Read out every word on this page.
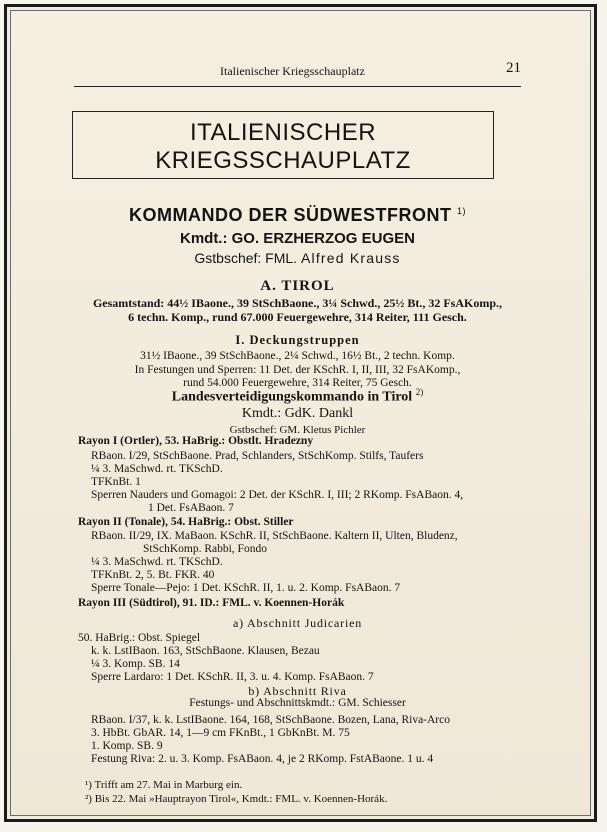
Italienischer Kriegsschauplatz	21
ITALIENISCHER
KRIEGSSCHAUPLATZ
KOMMANDO DER SÜDWESTFRONT $^{1)}$
Kmdt.: GO. ERZHERZOG EUGEN
Gstbschef: FML. Alfred Krauss
A. TIROL
Gesamtstand: 44½ IBaone., 39 StSchBaone., 3¼ Schwd., 25½ Bt., 32 FsAKomp.,
6 techn. Komp., rund 67.000 Feuergewehre, 314 Reiter, 111 Gesch.
I. Deckungstruppen
31½ IBaone., 39 StSchBaone., 2¼ Schwd., 16½ Bt., 2 techn. Komp.
In Festungen und Sperren: 11 Det. der KSchR. I, II, III, 32 FsAKomp.,
rund 54.000 Feuergewehre, 314 Reiter, 75 Gesch.
Landesverteidigungskommando in Tirol $^{2)}$
Kmdt.: GdK. Dankl
Gstbschef: GM. Kletus Pichler
Rayon I (Ortler), 53. HaBrig.: Obstlt. Hradezny
RBaon. I/29, StSchBaone. Prad, Schlanders, StSchKomp. Stilfs, Taufers
¼ 3. MaSchwd. rt. TKSchD.
TFKnBt. 1
Sperren Nauders und Gomagoi: 2 Det. der KSchR. I, III; 2 RKomp. FsABaon. 4,
1 Det. FsABaon. 7
Rayon II (Tonale), 54. HaBrig.: Obst. Stiller
RBaon. II/29, IX. MaBaon. KSchR. II, StSchBaone. Kaltern II, Ulten, Bludenz,
StSchKomp. Rabbi, Fondo
¼ 3. MaSchwd. rt. TKSchD.
TFKnBt. 2, 5. Bt. FKR. 40
Sperre Tonale—Pejo: 1 Det. KSchR. II, 1. u. 2. Komp. FsABaon. 7
Rayon III (Südtirol), 91. ID.: FML. v. Koennen-Horák
a) Abschnitt Judicarien
50. HaBrig.: Obst. Spiegel
k. k. LstIBaon. 163, StSchBaone. Klausen, Bezau
¼ 3. Komp. SB. 14
Sperre Lardaro: 1 Det. KSchR. II, 3. u. 4. Komp. FsABaon. 7
b) Abschnitt Riva
Festungs- und Abschnittskmdt.: GM. Schiesser
RBaon. I/37, k. k. LstIBaone. 164, 168, StSchBaone. Bozen, Lana, Riva-Arco
3. HbBt. GbAR. 14, 1—9 cm FKnBt., 1 GbKnBt. M. 75
1. Komp. SB. 9
Festung Riva: 2. u. 3. Komp. FsABaon. 4, je 2 RKomp. FstABaone. 1 u. 4
¹) Trifft am 27. Mai in Marburg ein.
²) Bis 22. Mai »Hauptrayon Tirol«, Kmdt.: FML. v. Koennen-Horák.
